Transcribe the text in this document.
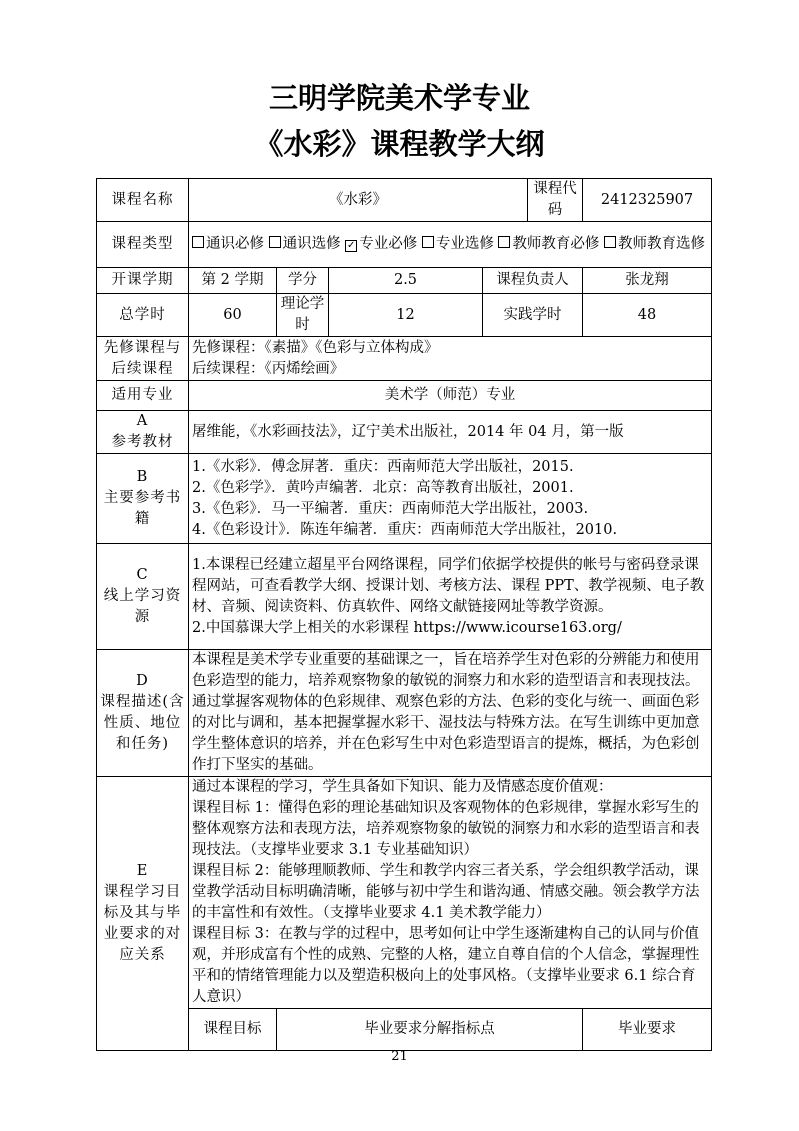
三明学院美术学专业
《水彩》课程教学大纲
课程名称	《水彩》				课程代码	2412325907
课程类型	通识必修 通识选修 ✓ 专业必修 专业选修 教师教育必修 教师教育选修					
开课学期	第 2 学期	学分	2.5	课程负责人		张龙翔
总学时	60	理论学时	12	实践学时		48
先修课程与后续课程	先修课程：《素描》《色彩与立体构成》
后续课程：《丙烯绘画》					

适用专业	美术学（师范）专业					

A
参考教材	屠维能，《水彩画技法》，辽宁美术出版社，2014 年 04 月，第一版					

B
主要参考书籍	1.《水彩》．傅念屏著．重庆：西南师范大学出版社，2015.
2.《色彩学》．黄吟声编著．北京：高等教育出版社，2001.
3.《色彩》．马一平编著．重庆：西南师范大学出版社，2003.
4.《色彩设计》．陈连年编著．重庆：西南师范大学出版社，2010.					

C
线上学习资源	1.本课程已经建立超星平台网络课程，同学们依据学校提供的帐号与密码登录课程网站，可查看教学大纲、授课计划、考核方法、课程 PPT、教学视频、电子教材、音频、阅读资料、仿真软件、网络文献链接网址等教学资源。
2.中国慕课大学上相关的水彩课程 https://www.icourse163.org/					

D
课程描述(含性质、地位和任务)	本课程是美术学专业重要的基础课之一，旨在培养学生对色彩的分辨能力和使用色彩造型的能力，培养观察物象的敏锐的洞察力和水彩的造型语言和表现技法。通过掌握客观物体的色彩规律、观察色彩的方法、色彩的变化与统一、画面色彩的对比与调和，基本把握掌握水彩干、湿技法与特殊方法。在写生训练中更加意学生整体意识的培养，并在色彩写生中对色彩造型语言的提炼，概括，为色彩创作打下坚实的基础。					

E
课程学习目标及其与毕业要求的对应关系	通过本课程的学习，学生具备如下知识、能力及情感态度价值观：
课程目标 1：懂得色彩的理论基础知识及客观物体的色彩规律，掌握水彩写生的整体观察方法和表现方法，培养观察物象的敏锐的洞察力和水彩的造型语言和表现技法。（支撑毕业要求 3.1 专业基础知识）
课程目标 2：能够理顺教师、学生和教学内容三者关系，学会组织教学活动，课堂教学活动目标明确清晰，能够与初中学生和谐沟通、情感交融。领会教学方法的丰富性和有效性。（支撑毕业要求 4.1 美术教学能力）
课程目标 3：在教与学的过程中，思考如何让中学生逐渐建构自己的认同与价值观，并形成富有个性的成熟、完整的人格，建立自尊自信的个人信念，掌握理性平和的情绪管理能力以及塑造积极向上的处事风格。（支撑毕业要求 6.1 综合育人意识）					

	课程目标	毕业要求分解指标点				毕业要求
21
